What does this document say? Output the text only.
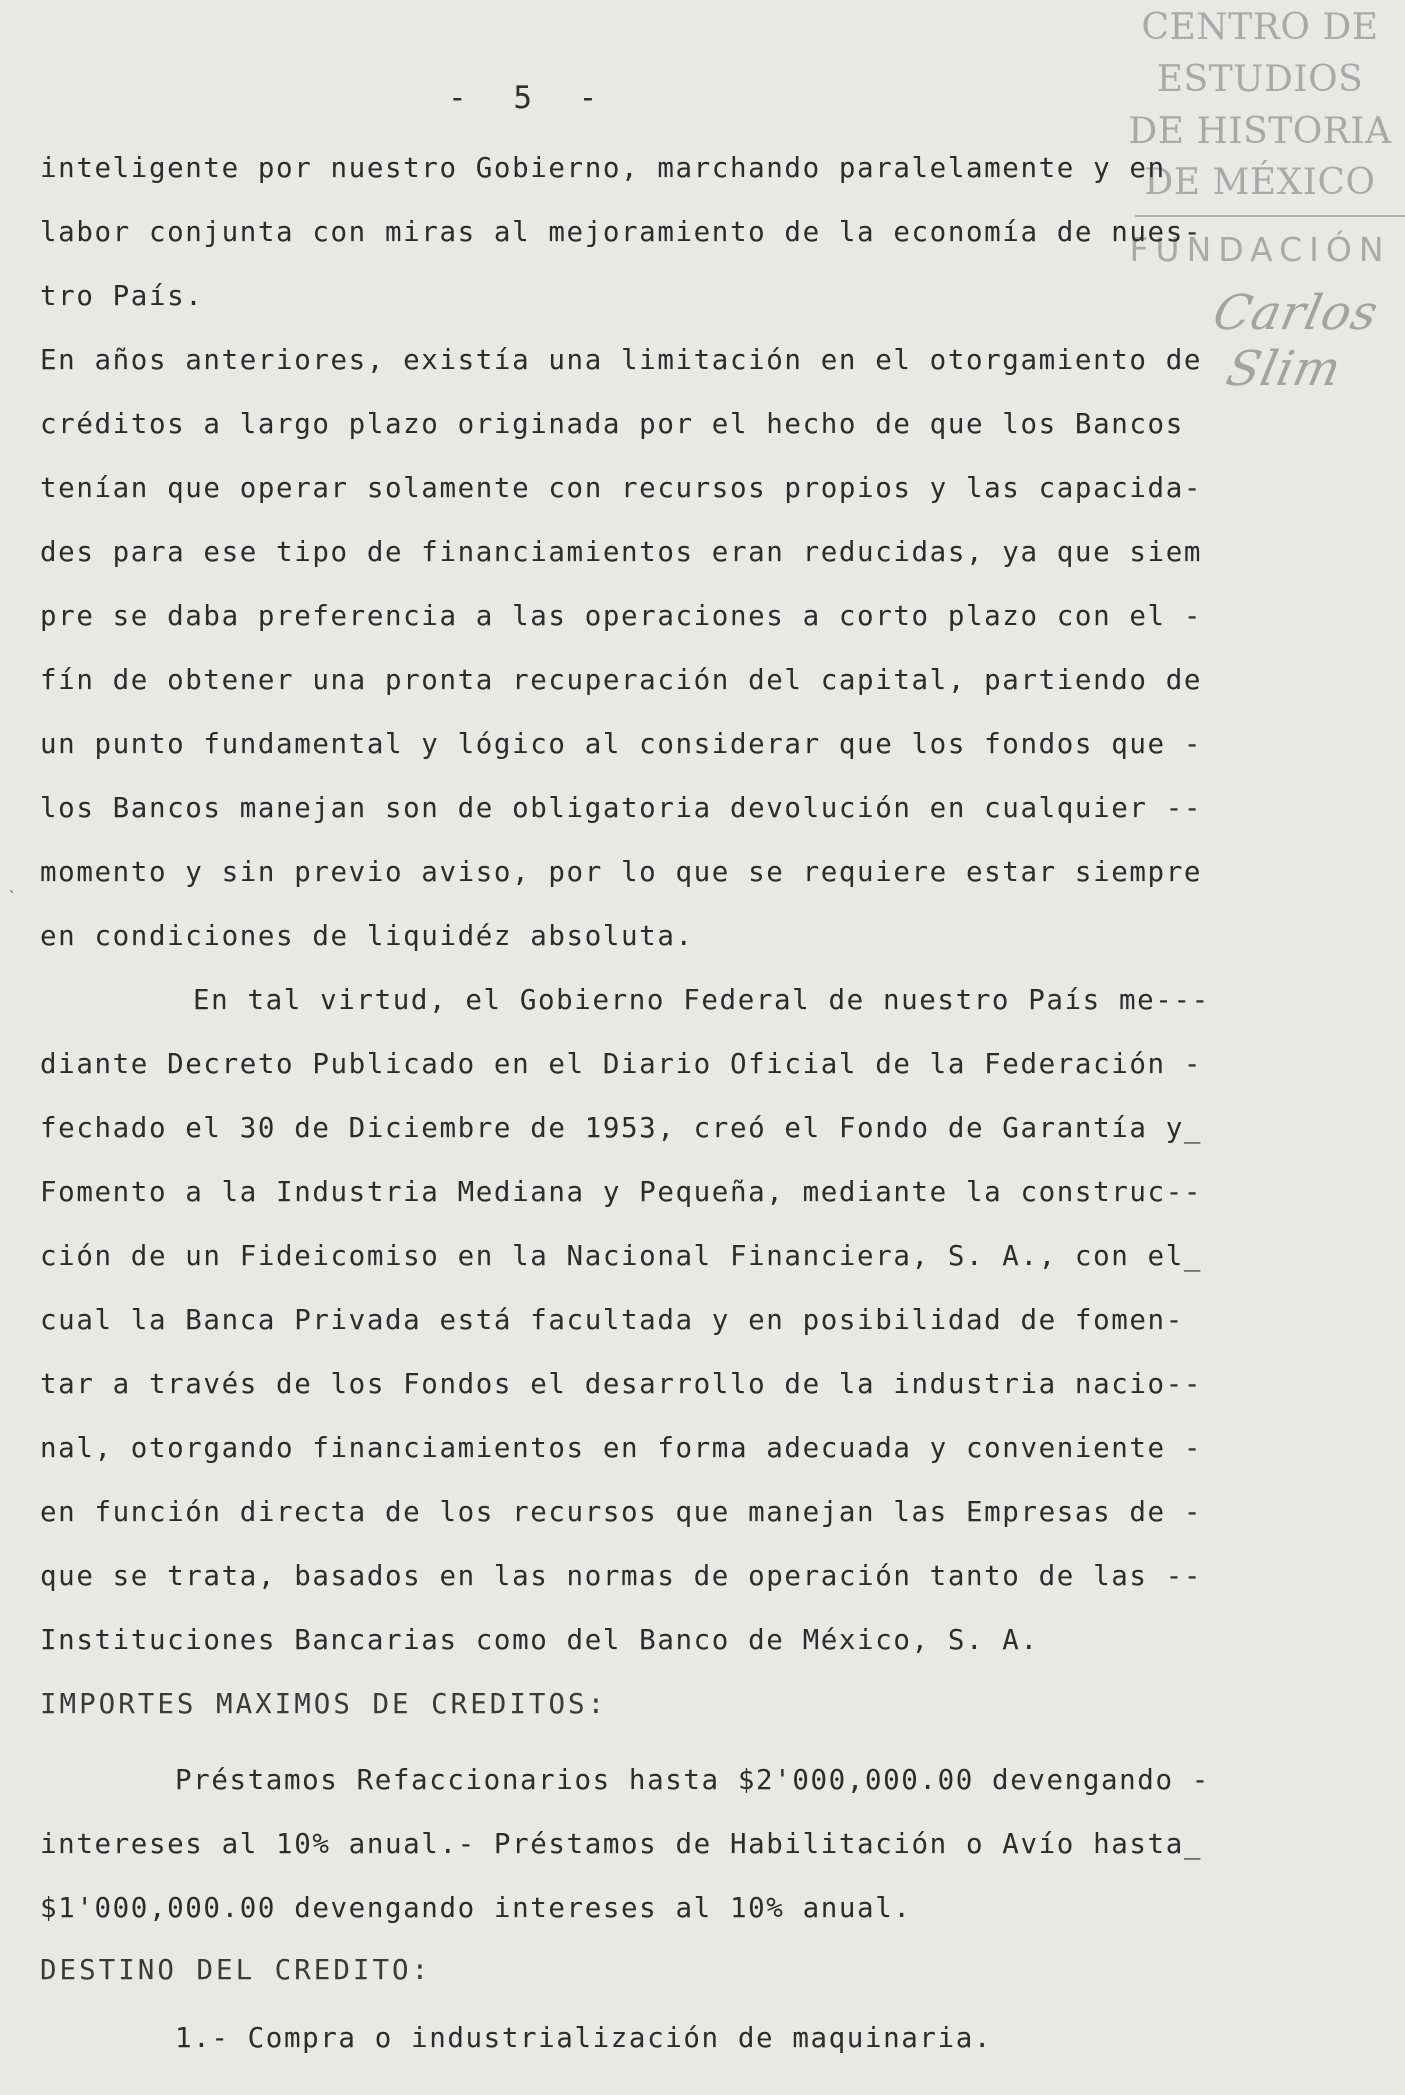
CENTRO DE
ESTUDIOS
DE HISTORIA
DE MÉXICO
FUNDACIÓN
Carlos Slim
- 5 -
inteligente por nuestro Gobierno, marchando paralelamente y en
labor conjunta con miras al mejoramiento de la economía de nues-
tro País.
En años anteriores, existía una limitación en el otorgamiento de
créditos a largo plazo originada por el hecho de que los Bancos
tenían que operar solamente con recursos propios y las capacida-
des para ese tipo de financiamientos eran reducidas, ya que siem
pre se daba preferencia a las operaciones a corto plazo con el -
fín de obtener una pronta recuperación del capital, partiendo de
un punto fundamental y lógico al considerar que los fondos que -
los Bancos manejan son de obligatoria devolución en cualquier --
momento y sin previo aviso, por lo que se requiere estar siempre
en condiciones de liquidéz absoluta.
En tal virtud, el Gobierno Federal de nuestro País me---
diante Decreto Publicado en el Diario Oficial de la Federación -
fechado el 30 de Diciembre de 1953, creó el Fondo de Garantía y_
Fomento a la Industria Mediana y Pequeña, mediante la construc--
ción de un Fideicomiso en la Nacional Financiera, S. A., con el_
cual la Banca Privada está facultada y en posibilidad de fomen-
tar a través de los Fondos el desarrollo de la industria nacio--
nal, otorgando financiamientos en forma adecuada y conveniente -
en función directa de los recursos que manejan las Empresas de -
que se trata, basados en las normas de operación tanto de las --
Instituciones Bancarias como del Banco de México, S. A.
IMPORTES MAXIMOS DE CREDITOS:
Préstamos Refaccionarios hasta $2'000,000.00 devengando -
intereses al 10% anual.- Préstamos de Habilitación o Avío hasta_
$1'000,000.00 devengando intereses al 10% anual.
DESTINO DEL CREDITO:
1.- Compra o industrialización de maquinaria.
`
